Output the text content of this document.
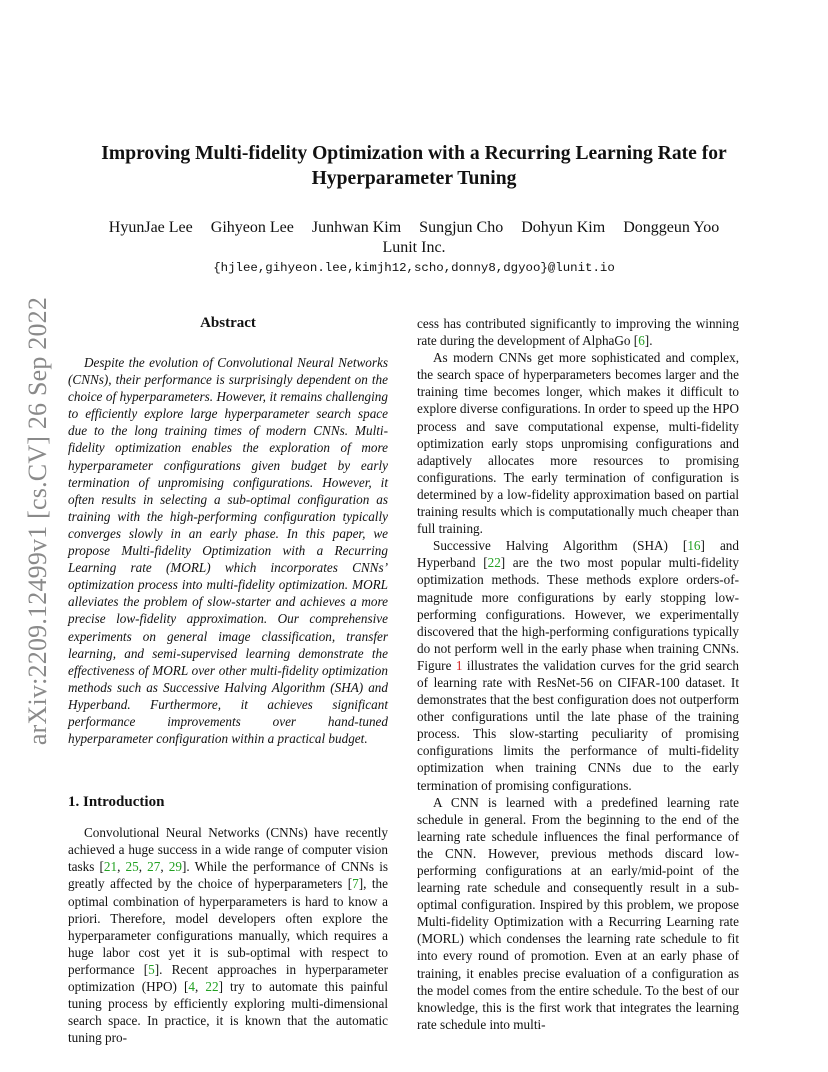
arXiv:2209.12499v1 [cs.CV] 26 Sep 2022
Improving Multi-fidelity Optimization with a Recurring Learning Rate for
Hyperparameter Tuning
HyunJae Lee Gihyeon Lee Junhwan Kim Sungjun Cho Dohyun Kim Donggeun Yoo
Lunit Inc.
{hjlee,gihyeon.lee,kimjh12,scho,donny8,dgyoo}@lunit.io
Abstract

Despite the evolution of Convolutional Neural Networks (CNNs), their performance is surprisingly dependent on the choice of hyperparameters. However, it remains challenging to efficiently explore large hyperparameter search space due to the long training times of modern CNNs. Multi-fidelity optimization enables the exploration of more hyperparameter configurations given budget by early termination of unpromising configurations. However, it often results in selecting a sub-optimal configuration as training with the high-performing configuration typically converges slowly in an early phase. In this paper, we propose Multi-fidelity Optimization with a Recurring Learning rate (MORL) which incorporates CNNs’ optimization process into multi-fidelity optimization. MORL alleviates the problem of slow-starter and achieves a more precise low-fidelity approximation. Our comprehensive experiments on general image classification, transfer learning, and semi-supervised learning demonstrate the effectiveness of MORL over other multi-fidelity optimization methods such as Successive Halving Algorithm (SHA) and Hyperband. Furthermore, it achieves significant performance improvements over hand-tuned hyperparameter configuration within a practical budget.

1. Introduction

Convolutional Neural Networks (CNNs) have recently achieved a huge success in a wide range of computer vision tasks [21, 25, 27, 29]. While the performance of CNNs is greatly affected by the choice of hyperparameters [7], the optimal combination of hyperparameters is hard to know a priori. Therefore, model developers often explore the hyperparameter configurations manually, which requires a huge labor cost yet it is sub-optimal with respect to performance [5]. Recent approaches in hyperparameter optimization (HPO) [4, 22] try to automate this painful tuning process by efficiently exploring multi-dimensional search space. In practice, it is known that the automatic tuning pro-

cess has contributed significantly to improving the winning rate during the development of AlphaGo [6].

As modern CNNs get more sophisticated and complex, the search space of hyperparameters becomes larger and the training time becomes longer, which makes it difficult to explore diverse configurations. In order to speed up the HPO process and save computational expense, multi-fidelity optimization early stops unpromising configurations and adaptively allocates more resources to promising configurations. The early termination of configuration is determined by a low-fidelity approximation based on partial training results which is computationally much cheaper than full training.

Successive Halving Algorithm (SHA) [16] and Hyperband [22] are the two most popular multi-fidelity optimization methods. These methods explore orders-of-magnitude more configurations by early stopping low-performing configurations. However, we experimentally discovered that the high-performing configurations typically do not perform well in the early phase when training CNNs. Figure 1 illustrates the validation curves for the grid search of learning rate with ResNet-56 on CIFAR-100 dataset. It demonstrates that the best configuration does not outperform other configurations until the late phase of the training process. This slow-starting peculiarity of promising configurations limits the performance of multi-fidelity optimization when training CNNs due to the early termination of promising configurations.

A CNN is learned with a predefined learning rate schedule in general. From the beginning to the end of the learning rate schedule influences the final performance of the CNN. However, previous methods discard low-performing configurations at an early/mid-point of the learning rate schedule and consequently result in a sub-optimal configuration. Inspired by this problem, we propose Multi-fidelity Optimization with a Recurring Learning rate (MORL) which condenses the learning rate schedule to fit into every round of promotion. Even at an early phase of training, it enables precise evaluation of a configuration as the model comes from the entire schedule. To the best of our knowledge, this is the first work that integrates the learning rate schedule into multi-
